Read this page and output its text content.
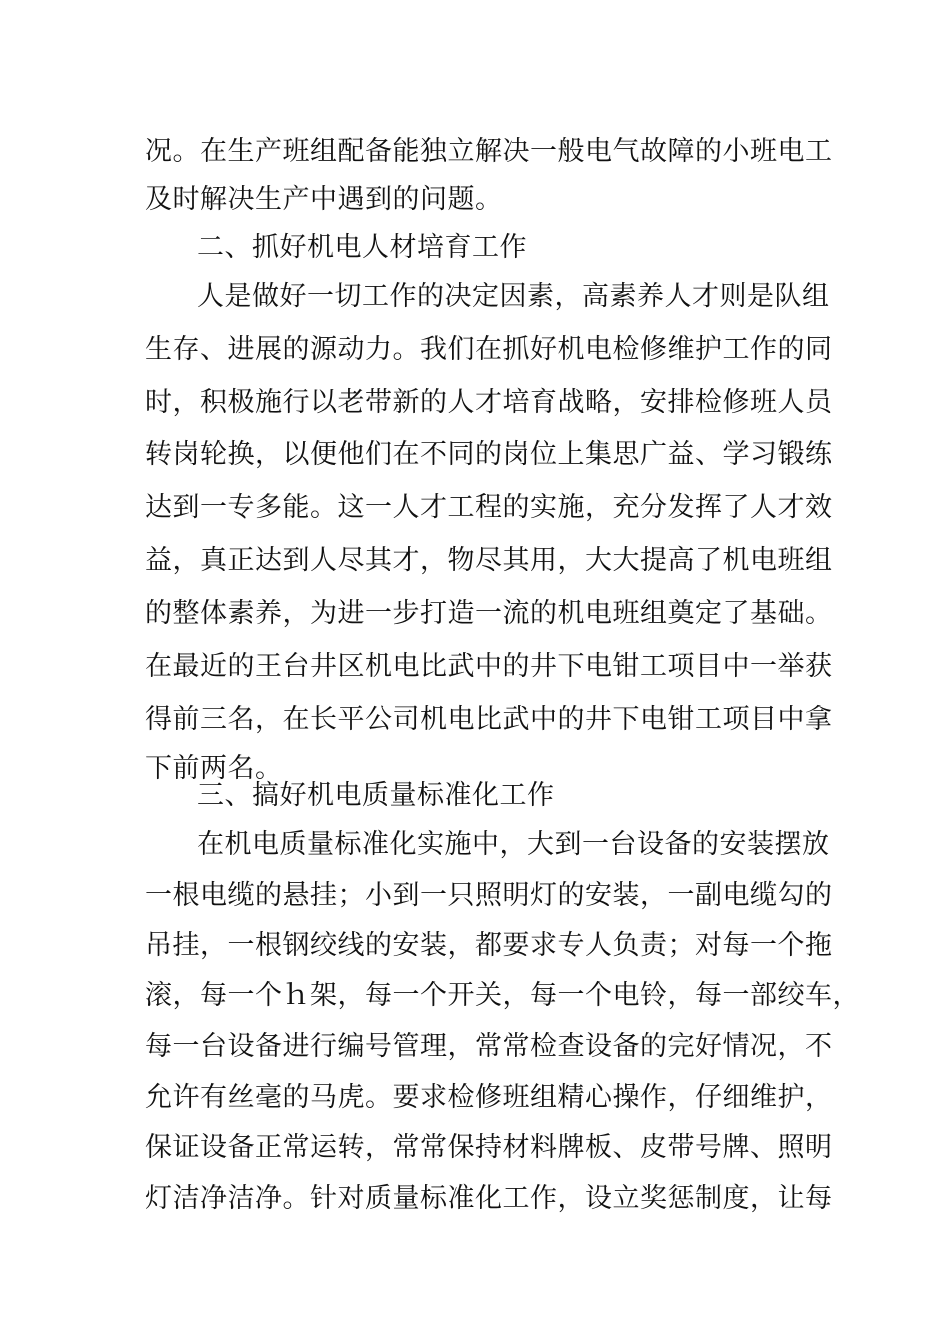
况。在生产班组配备能独立解决一般电气故障的小班电工
及时解决生产中遇到的问题。
二、抓好机电人材培育工作
人是做好一切工作的决定因素，高素养人才则是队组
生存、进展的源动力。我们在抓好机电检修维护工作的同
时，积极施行以老带新的人才培育战略，安排检修班人员
转岗轮换，以便他们在不同的岗位上集思广益、学习锻练
达到一专多能。这一人才工程的实施，充分发挥了人才效
益，真正达到人尽其才，物尽其用，大大提高了机电班组
的整体素养，为进一步打造一流的机电班组奠定了基础。
在最近的王台井区机电比武中的井下电钳工项目中一举获
得前三名，在长平公司机电比武中的井下电钳工项目中拿
下前两名。
三、搞好机电质量标准化工作
在机电质量标准化实施中，大到一台设备的安装摆放
一根电缆的悬挂；小到一只照明灯的安装，一副电缆勾的
吊挂，一根钢绞线的安装，都要求专人负责；对每一个拖
滚，每一个ｈ架，每一个开关，每一个电铃，每一部绞车，
每一台设备进行编号管理，常常检查设备的完好情况，不
允许有丝毫的马虎。要求检修班组精心操作，仔细维护，
保证设备正常运转，常常保持材料牌板、皮带号牌、照明
灯洁净洁净。针对质量标准化工作，设立奖惩制度，让每
